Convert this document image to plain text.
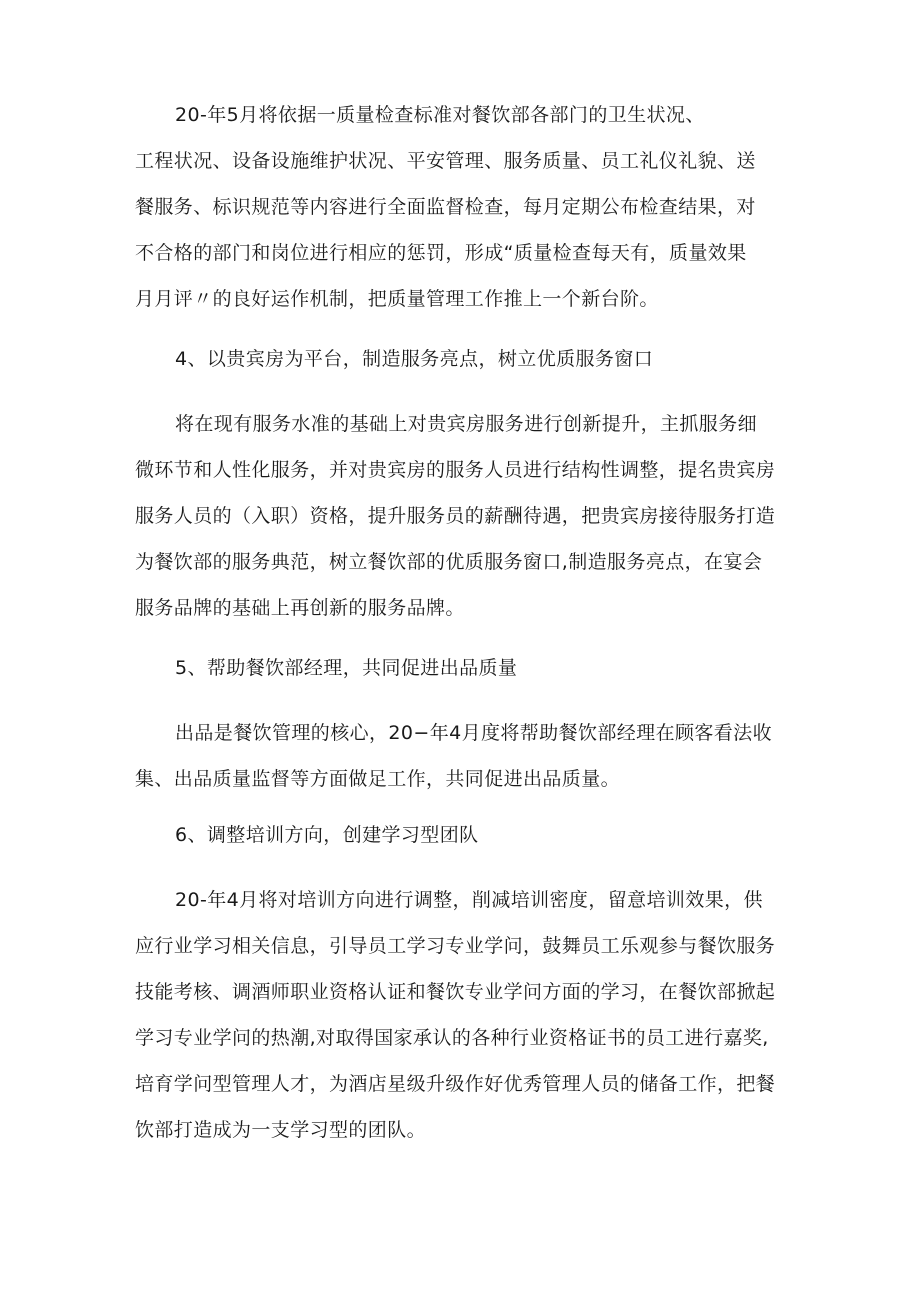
20-年5月将依据一质量检查标准对餐饮部各部门的卫生状况、
工程状况、设备设施维护状况、平安管理、服务质量、员工礼仪礼貌、送
餐服务、标识规范等内容进行全面监督检查，每月定期公布检查结果，对
不合格的部门和岗位进行相应的惩罚，形成“质量检查每天有，质量效果
月月评〃的良好运作机制，把质量管理工作推上一个新台阶。
4、以贵宾房为平台，制造服务亮点，树立优质服务窗口
将在现有服务水准的基础上对贵宾房服务进行创新提升，主抓服务细
微环节和人性化服务，并对贵宾房的服务人员进行结构性调整，提名贵宾房
服务人员的（入职）资格，提升服务员的薪酬待遇，把贵宾房接待服务打造
为餐饮部的服务典范，树立餐饮部的优质服务窗口,制造服务亮点，在宴会
服务品牌的基础上再创新的服务品牌。
5、帮助餐饮部经理，共同促进出品质量
出品是餐饮管理的核心，20−年4月度将帮助餐饮部经理在顾客看法收
集、出品质量监督等方面做足工作，共同促进出品质量。
6、调整培训方向，创建学习型团队
20-年4月将对培训方向进行调整，削减培训密度，留意培训效果，供
应行业学习相关信息，引导员工学习专业学问，鼓舞员工乐观参与餐饮服务
技能考核、调酒师职业资格认证和餐饮专业学问方面的学习，在餐饮部掀起
学习专业学问的热潮,对取得国家承认的各种行业资格证书的员工进行嘉奖,
培育学问型管理人才，为酒店星级升级作好优秀管理人员的储备工作，把餐
饮部打造成为一支学习型的团队。
